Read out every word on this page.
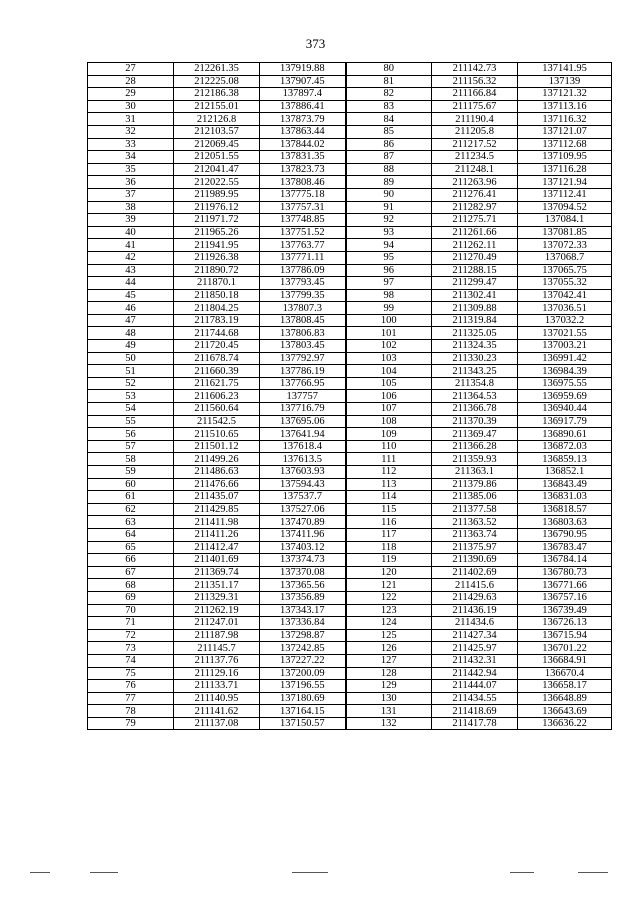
373
27	212261.35	137919.88	80	211142.73	137141.95
28	212225.08	137907.45	81	211156.32	137139
29	212186.38	137897.4	82	211166.84	137121.32
30	212155.01	137886.41	83	211175.67	137113.16
31	212126.8	137873.79	84	211190.4	137116.32
32	212103.57	137863.44	85	211205.8	137121.07
33	212069.45	137844.02	86	211217.52	137112.68
34	212051.55	137831.35	87	211234.5	137109.95
35	212041.47	137823.73	88	211248.1	137116.28
36	212022.55	137808.46	89	211263.96	137121.94
37	211989.95	137775.18	90	211276.41	137112.41
38	211976.12	137757.31	91	211282.97	137094.52
39	211971.72	137748.85	92	211275.71	137084.1
40	211965.26	137751.52	93	211261.66	137081.85
41	211941.95	137763.77	94	211262.11	137072.33
42	211926.38	137771.11	95	211270.49	137068.7
43	211890.72	137786.09	96	211288.15	137065.75
44	211870.1	137793.45	97	211299.47	137055.32
45	211850.18	137799.35	98	211302.41	137042.41
46	211804.25	137807.3	99	211309.88	137036.51
47	211783.19	137808.45	100	211319.84	137032.2
48	211744.68	137806.83	101	211325.05	137021.55
49	211720.45	137803.45	102	211324.35	137003.21
50	211678.74	137792.97	103	211330.23	136991.42
51	211660.39	137786.19	104	211343.25	136984.39
52	211621.75	137766.95	105	211354.8	136975.55
53	211606.23	137757	106	211364.53	136959.69
54	211560.64	137716.79	107	211366.78	136940.44
55	211542.5	137695.06	108	211370.39	136917.79
56	211510.65	137641.94	109	211369.47	136890.61
57	211501.12	137618.4	110	211366.28	136872.03
58	211499.26	137613.5	111	211359.93	136859.13
59	211486.63	137603.93	112	211363.1	136852.1
60	211476.66	137594.43	113	211379.86	136843.49
61	211435.07	137537.7	114	211385.06	136831.03
62	211429.85	137527.06	115	211377.58	136818.57
63	211411.98	137470.89	116	211363.52	136803.63
64	211411.26	137411.96	117	211363.74	136790.95
65	211412.47	137403.12	118	211375.97	136783.47
66	211401.69	137374.73	119	211390.69	136784.14
67	211369.74	137370.08	120	211402.69	136780.73
68	211351.17	137365.56	121	211415.6	136771.66
69	211329.31	137356.89	122	211429.63	136757.16
70	211262.19	137343.17	123	211436.19	136739.49
71	211247.01	137336.84	124	211434.6	136726.13
72	211187.98	137298.87	125	211427.34	136715.94
73	211145.7	137242.85	126	211425.97	136701.22
74	211137.76	137227.22	127	211432.31	136684.91
75	211129.16	137200.09	128	211442.94	136670.4
76	211133.71	137196.55	129	211444.07	136658.17
77	211140.95	137180.69	130	211434.55	136648.89
78	211141.62	137164.15	131	211418.69	136643.69
79	211137.08	137150.57	132	211417.78	136636.22
